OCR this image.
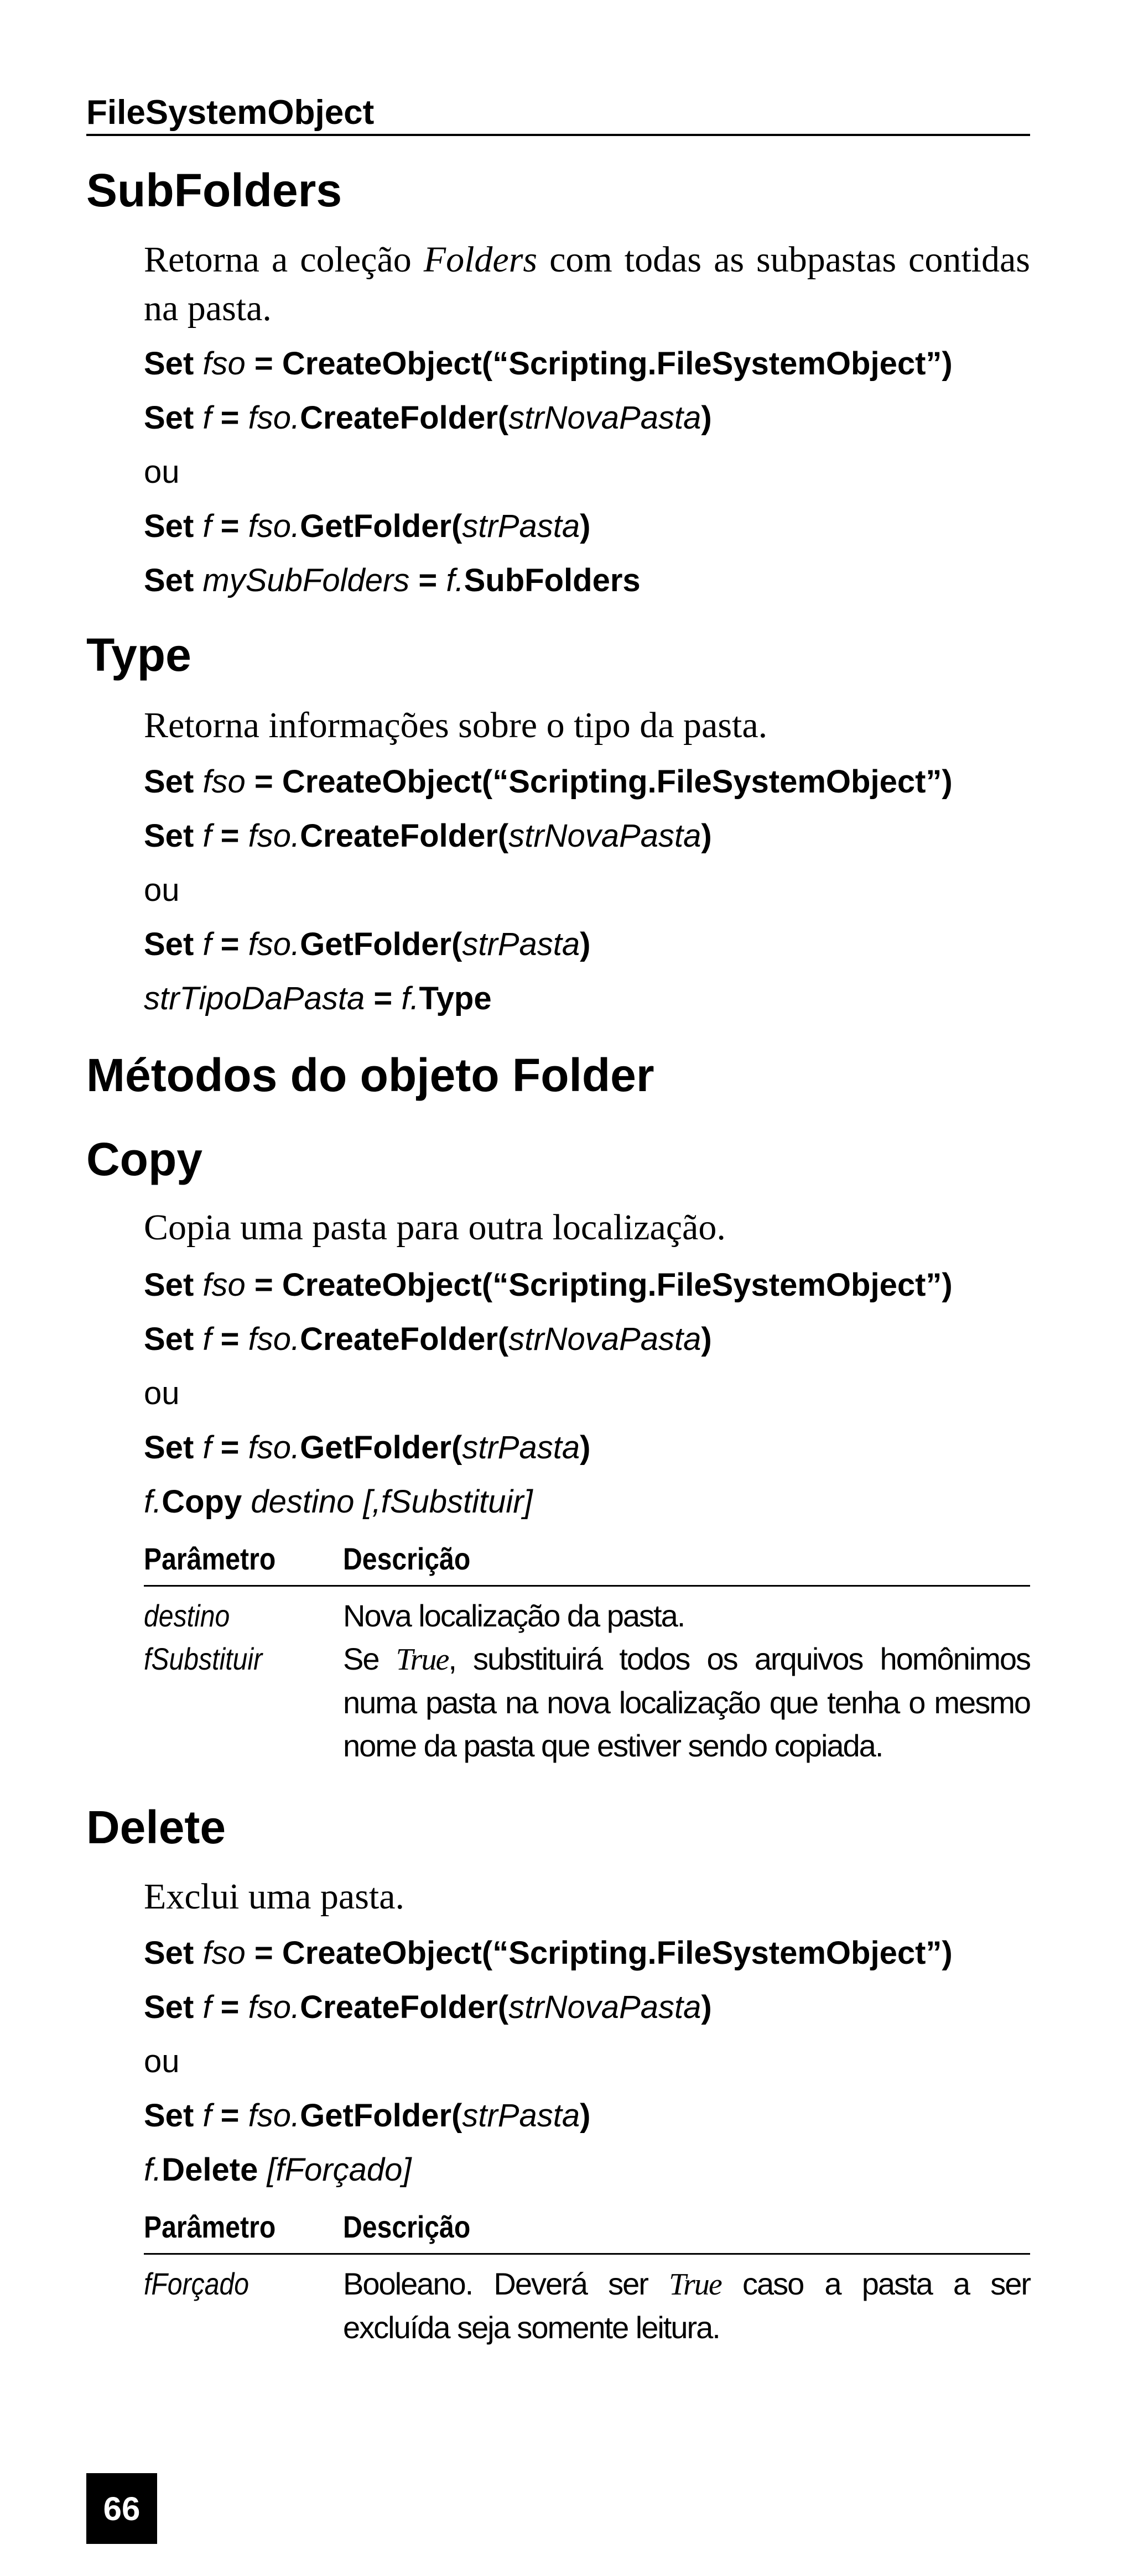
FileSystemObject
SubFolders
Retorna a coleção Folders com todas as subpastas contidas na pasta.
Set fso = CreateObject(“Scripting.FileSystemObject”)
Set f = fso.CreateFolder(strNovaPasta)
ou
Set f = fso.GetFolder(strPasta)
Set mySubFolders = f.SubFolders
Type
Retorna informações sobre o tipo da pasta.
Set fso = CreateObject(“Scripting.FileSystemObject”)
Set f = fso.CreateFolder(strNovaPasta)
ou
Set f = fso.GetFolder(strPasta)
strTipoDaPasta = f.Type
Métodos do objeto Folder
Copy
Copia uma pasta para outra localização.
Set fso = CreateObject(“Scripting.FileSystemObject”)
Set f = fso.CreateFolder(strNovaPasta)
ou
Set f = fso.GetFolder(strPasta)
f.Copy destino [,fSubstituir]
Parâmetro Descrição
destino	Nova localização da pasta.
fSubstituir	Se True, substituirá todos os arquivos homônimos numa pasta na nova localização que tenha o mesmo nome da pasta que estiver sendo copiada.
Delete
Exclui uma pasta.
Set fso = CreateObject(“Scripting.FileSystemObject”)
Set f = fso.CreateFolder(strNovaPasta)
ou
Set f = fso.GetFolder(strPasta)
f.Delete [fForçado]
Parâmetro Descrição
fForçado	Booleano. Deverá ser True caso a pasta a ser excluída seja somente leitura.
66
